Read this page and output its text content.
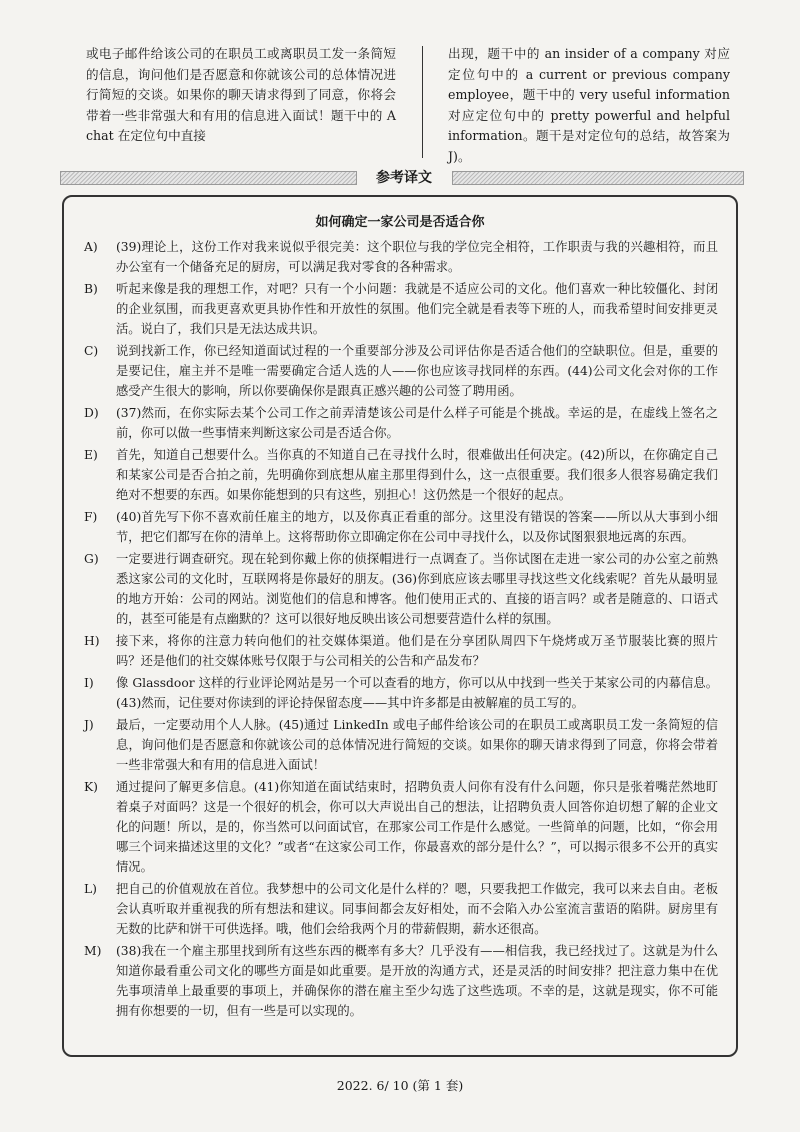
或电子邮件给该公司的在职员工或离职员工发一条简短的信息，询问他们是否愿意和你就该公司的总体情况进行简短的交谈。如果你的聊天请求得到了同意，你将会带着一些非常强大和有用的信息进入面试！题干中的 A chat 在定位句中直接
出现，题干中的 an insider of a company 对应定位句中的 a current or previous company employee，题干中的 very useful information 对应定位句中的 pretty powerful and helpful information。题干是对定位句的总结，故答案为 J)。
参考译文
如何确定一家公司是否适合你
A)	(39)理论上，这份工作对我来说似乎很完美：这个职位与我的学位完全相符，工作职责与我的兴趣相符，而且办公室有一个储备充足的厨房，可以满足我对零食的各种需求。
B)	听起来像是我的理想工作，对吧？只有一个小问题：我就是不适应公司的文化。他们喜欢一种比较僵化、封闭的企业氛围，而我更喜欢更具协作性和开放性的氛围。他们完全就是看表等下班的人，而我希望时间安排更灵活。说白了，我们只是无法达成共识。
C)	说到找新工作，你已经知道面试过程的一个重要部分涉及公司评估你是否适合他们的空缺职位。但是，重要的是要记住，雇主并不是唯一需要确定合适人选的人——你也应该寻找同样的东西。(44)公司文化会对你的工作感受产生很大的影响，所以你要确保你是跟真正感兴趣的公司签了聘用函。
D)	(37)然而，在你实际去某个公司工作之前弄清楚该公司是什么样子可能是个挑战。幸运的是，在虚线上签名之前，你可以做一些事情来判断这家公司是否适合你。
E)	首先，知道自己想要什么。当你真的不知道自己在寻找什么时，很难做出任何决定。(42)所以，在你确定自己和某家公司是否合拍之前，先明确你到底想从雇主那里得到什么，这一点很重要。我们很多人很容易确定我们绝对不想要的东西。如果你能想到的只有这些，别担心！这仍然是一个很好的起点。
F)	(40)首先写下你不喜欢前任雇主的地方，以及你真正看重的部分。这里没有错误的答案——所以从大事到小细节，把它们都写在你的清单上。这将帮助你立即确定你在公司中寻找什么，以及你试图狠狠地远离的东西。
G)	一定要进行调查研究。现在轮到你戴上你的侦探帽进行一点调查了。当你试图在走进一家公司的办公室之前熟悉这家公司的文化时，互联网将是你最好的朋友。(36)你到底应该去哪里寻找这些文化线索呢？首先从最明显的地方开始：公司的网站。浏览他们的信息和博客。他们使用正式的、直接的语言吗？或者是随意的、口语式的，甚至可能是有点幽默的？这可以很好地反映出该公司想要营造什么样的氛围。
H)	接下来，将你的注意力转向他们的社交媒体渠道。他们是在分享团队周四下午烧烤或万圣节服装比赛的照片吗？还是他们的社交媒体账号仅限于与公司相关的公告和产品发布？
I)	像 Glassdoor 这样的行业评论网站是另一个可以查看的地方，你可以从中找到一些关于某家公司的内幕信息。(43)然而，记住要对你读到的评论持保留态度——其中许多都是由被解雇的员工写的。
J)	最后，一定要动用个人人脉。(45)通过 LinkedIn 或电子邮件给该公司的在职员工或离职员工发一条简短的信息，询问他们是否愿意和你就该公司的总体情况进行简短的交谈。如果你的聊天请求得到了同意，你将会带着一些非常强大和有用的信息进入面试！
K)	通过提问了解更多信息。(41)你知道在面试结束时，招聘负责人问你有没有什么问题，你只是张着嘴茫然地盯着桌子对面吗？这是一个很好的机会，你可以大声说出自己的想法，让招聘负责人回答你迫切想了解的企业文化的问题！所以，是的，你当然可以问面试官，在那家公司工作是什么感觉。一些简单的问题，比如，“你会用哪三个词来描述这里的文化？”或者“在这家公司工作，你最喜欢的部分是什么？”，可以揭示很多不公开的真实情况。
L)	把自己的价值观放在首位。我梦想中的公司文化是什么样的？嗯，只要我把工作做完，我可以来去自由。老板会认真听取并重视我的所有想法和建议。同事间都会友好相处，而不会陷入办公室流言蜚语的陷阱。厨房里有无数的比萨和饼干可供选择。哦，他们会给我两个月的带薪假期，薪水还很高。
M)	(38)我在一个雇主那里找到所有这些东西的概率有多大？几乎没有——相信我，我已经找过了。这就是为什么知道你最看重公司文化的哪些方面是如此重要。是开放的沟通方式，还是灵活的时间安排？把注意力集中在优先事项清单上最重要的事项上，并确保你的潜在雇主至少勾选了这些选项。不幸的是，这就是现实，你不可能拥有你想要的一切，但有一些是可以实现的。
2022. 6/ 10 (第 1 套)
